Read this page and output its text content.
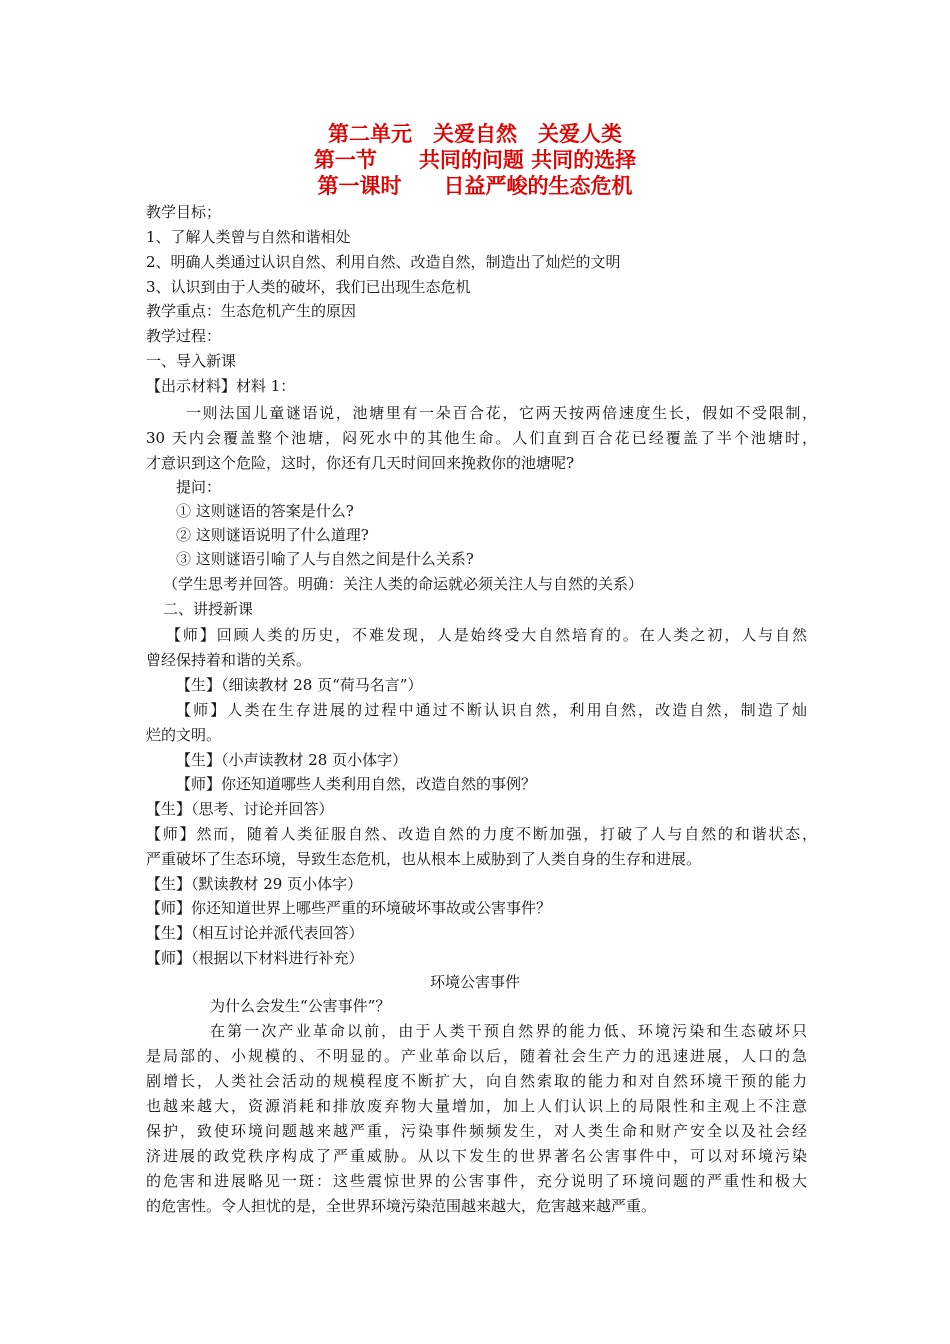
第二单元　关爱自然　关爱人类
第一节　　共同的问题 共同的选择
第一课时　　日益严峻的生态危机
教学目标；
1、了解人类曾与自然和谐相处
2、明确人类通过认识自然、利用自然、改造自然，制造出了灿烂的文明
3、认识到由于人类的破坏，我们已出现生态危机
教学重点：生态危机产生的原因
教学过程：
一、导入新课
【出示材料】材料 1：
一则法国儿童谜语说，池塘里有一朵百合花，它两天按两倍速度生长，假如不受限制，
30 天内会覆盖整个池塘，闷死水中的其他生命。人们直到百合花已经覆盖了半个池塘时，
才意识到这个危险，这时，你还有几天时间回来挽救你的池塘呢?
提问：
① 这则谜语的答案是什么?
② 这则谜语说明了什么道理?
③ 这则谜语引喻了人与自然之间是什么关系?
（学生思考并回答。明确：关注人类的命运就必须关注人与自然的关系）
二、讲授新课
【师】回顾人类的历史，不难发现，人是始终受大自然培育的。在人类之初，人与自然
曾经保持着和谐的关系。
【生】（细读教材 28 页“荷马名言”）
【师】人类在生存进展的过程中通过不断认识自然，利用自然，改造自然，制造了灿
烂的文明。
【生】（小声读教材 28 页小体字）
【师】你还知道哪些人类利用自然，改造自然的事例？
【生】（思考、讨论并回答）
【师】然而，随着人类征服自然、改造自然的力度不断加强，打破了人与自然的和谐状态，
严重破坏了生态环境，导致生态危机，也从根本上威胁到了人类自身的生存和进展。
【生】（默读教材 29 页小体字）
【师】你还知道世界上哪些严重的环境破坏事故或公害事件？
【生】（相互讨论并派代表回答）
【师】（根据以下材料进行补充）
环境公害事件
为什么会发生“公害事件”？
在第一次产业革命以前，由于人类干预自然界的能力低、环境污染和生态破坏只
是局部的、小规模的、不明显的。产业革命以后，随着社会生产力的迅速进展，人口的急
剧增长，人类社会活动的规模程度不断扩大，向自然索取的能力和对自然环境干预的能力
也越来越大，资源消耗和排放废弃物大量增加，加上人们认识上的局限性和主观上不注意
保护，致使环境问题越来越严重，污染事件频频发生，对人类生命和财产安全以及社会经
济进展的政党秩序构成了严重威胁。从以下发生的世界著名公害事件中，可以对环境污染
的危害和进展略见一斑：这些震惊世界的公害事件，充分说明了环境问题的严重性和极大
的危害性。令人担忧的是，全世界环境污染范围越来越大，危害越来越严重。
